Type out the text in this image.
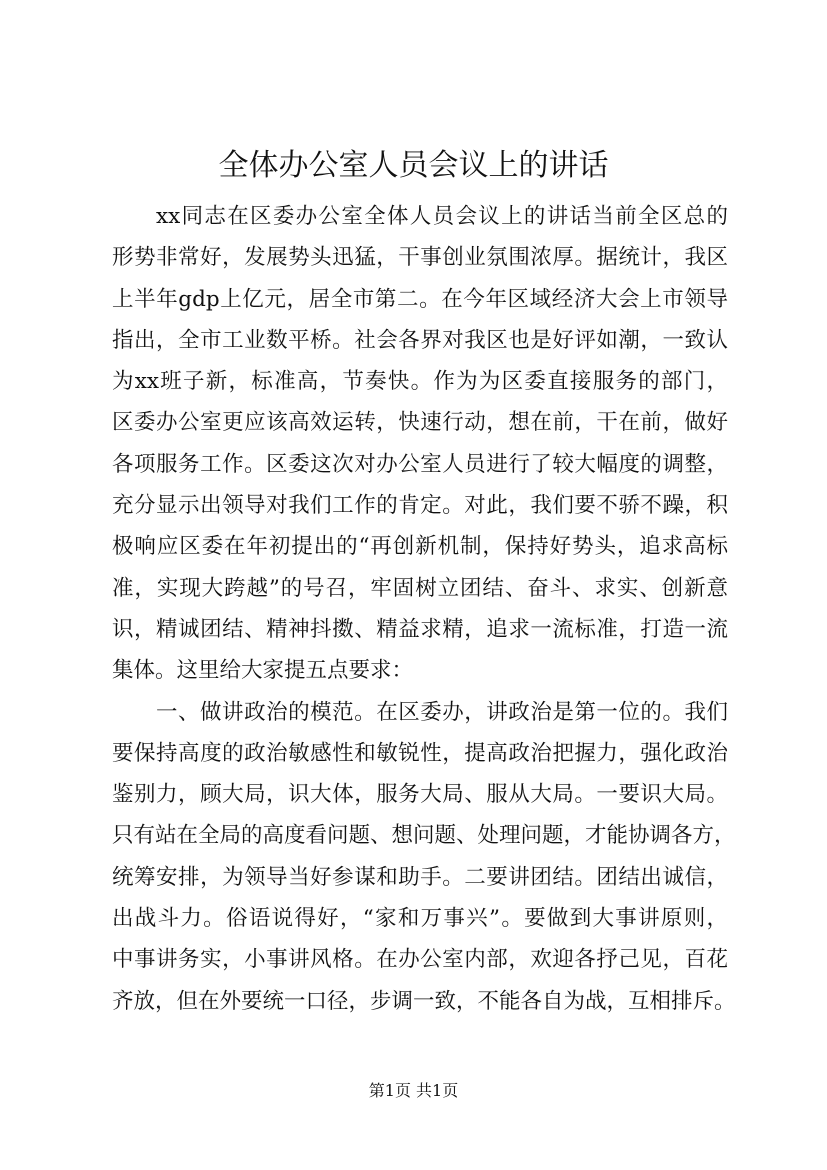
全体办公室人员会议上的讲话
xx同志在区委办公室全体人员会议上的讲话当前全区总的
形势非常好，发展势头迅猛，干事创业氛围浓厚。据统计，我区
上半年gdp上亿元，居全市第二。在今年区域经济大会上市领导
指出，全市工业数平桥。社会各界对我区也是好评如潮，一致认
为xx班子新，标准高，节奏快。作为为区委直接服务的部门，
区委办公室更应该高效运转，快速行动，想在前，干在前，做好
各项服务工作。区委这次对办公室人员进行了较大幅度的调整，
充分显示出领导对我们工作的肯定。对此，我们要不骄不躁，积
极响应区委在年初提出的“再创新机制，保持好势头，追求高标
准，实现大跨越”的号召，牢固树立团结、奋斗、求实、创新意
识，精诚团结、精神抖擞、精益求精，追求一流标准，打造一流
集体。这里给大家提五点要求：
一、做讲政治的模范。在区委办，讲政治是第一位的。我们
要保持高度的政治敏感性和敏锐性，提高政治把握力，强化政治
鉴别力，顾大局，识大体，服务大局、服从大局。一要识大局。
只有站在全局的高度看问题、想问题、处理问题，才能协调各方，
统筹安排，为领导当好参谋和助手。二要讲团结。团结出诚信，
出战斗力。俗语说得好，“家和万事兴”。要做到大事讲原则，
中事讲务实，小事讲风格。在办公室内部，欢迎各抒己见，百花
齐放，但在外要统一口径，步调一致，不能各自为战，互相排斥。
第1页 共1页
